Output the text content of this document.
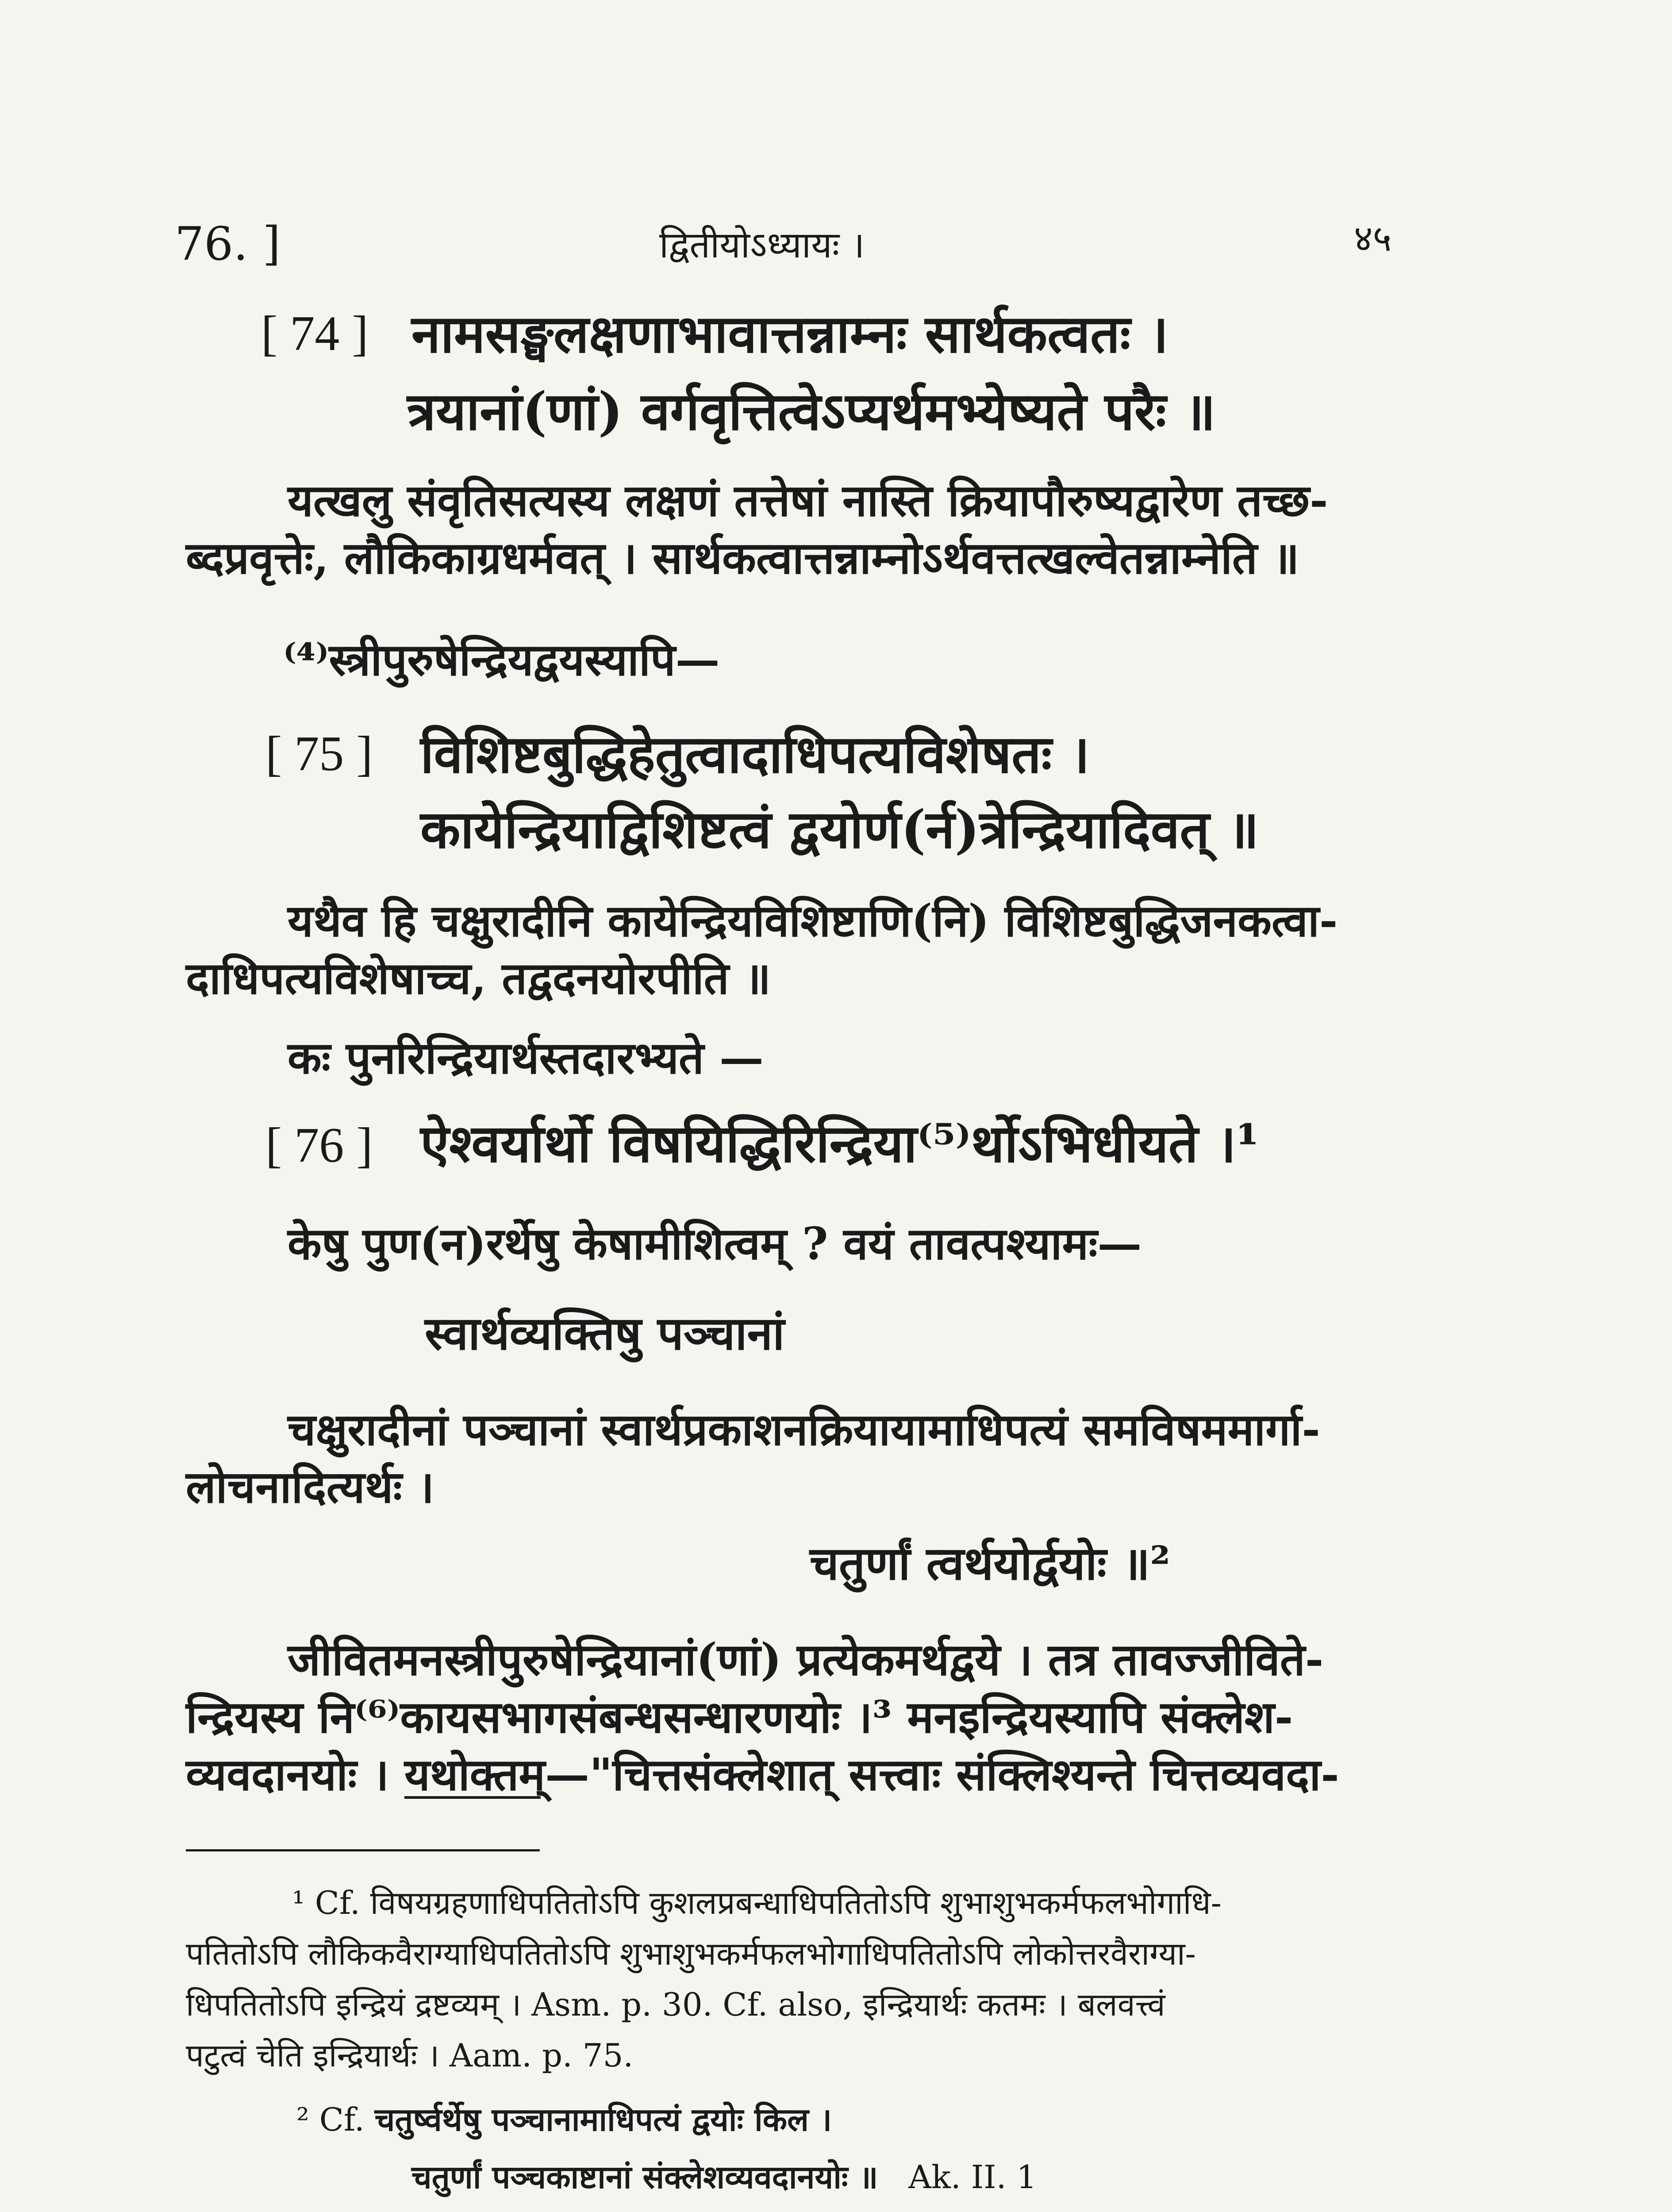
76. ]	द्वितीयोऽध्यायः ।	४५
[ 74 ] नामसङ्घलक्षणाभावात्तन्नाम्नः सार्थकत्वतः ।
त्रयानां(णां) वर्गवृत्तित्वेऽप्यर्थमभ्येष्यते परैः ॥
यत्खलु संवृतिसत्यस्य लक्षणं तत्तेषां नास्ति क्रियापौरुष्यद्वारेण तच्छ-
ब्दप्रवृत्तेः, लौकिकाग्रधर्मवत् । सार्थकत्वात्तन्नाम्नोऽर्थवत्तत्खल्वेतन्नाम्नेति ॥
⁽⁴⁾स्त्रीपुरुषेन्द्रियद्वयस्यापि—
[ 75 ] विशिष्टबुद्धिहेतुत्वादाधिपत्यविशेषतः ।
कायेन्द्रियाद्विशिष्टत्वं द्वयोर्ण(र्न)त्रेन्द्रियादिवत् ॥
यथैव हि चक्षुरादीनि कायेन्द्रियविशिष्टाणि(नि) विशिष्टबुद्धिजनकत्वा-
दाधिपत्यविशेषाच्च, तद्वदनयोरपीति ॥
कः पुनरिन्द्रियार्थस्तदारभ्यते —
[ 76 ] ऐश्वर्यार्थो विषयिद्धिरिन्द्रिया⁽⁵⁾र्थोऽभिधीयते ।¹
केषु पुण(न)रर्थेषु केषामीशित्वम् ? वयं तावत्पश्यामः—
स्वार्थव्यक्तिषु पञ्चानां
चक्षुरादीनां पञ्चानां स्वार्थप्रकाशनक्रियायामाधिपत्यं समविषममार्गा-
लोचनादित्यर्थः ।
चतुर्णां त्वर्थयोर्द्वयोः ॥²
जीवितमनस्त्रीपुरुषेन्द्रियानां(णां) प्रत्येकमर्थद्वये । तत्र तावज्जीविते-
न्द्रियस्य नि⁽⁶⁾कायसभागसंबन्धसन्धारणयोः ।³ मनइन्द्रियस्यापि संक्लेश-
व्यवदानयोः । यथोक्तम्—"चित्तसंक्लेशात् सत्त्वाः संक्लिश्यन्ते चित्तव्यवदा-
¹ Cf. विषयग्रहणाधिपतितोऽपि कुशलप्रबन्धाधिपतितोऽपि शुभाशुभकर्मफलभोगाधि-
पतितोऽपि लौकिकवैराग्याधिपतितोऽपि शुभाशुभकर्मफलभोगाधिपतितोऽपि लोकोत्तरवैराग्या-
धिपतितोऽपि इन्द्रियं द्रष्टव्यम् । Asm. p. 30. Cf. also, इन्द्रियार्थः कतमः । बलवत्त्वं
पटुत्वं चेति इन्द्रियार्थः । Aam. p. 75.
² Cf. चतुर्ष्वर्थेषु पञ्चानामाधिपत्यं द्वयोः किल ।
चतुर्णां पञ्चकाष्टानां संक्लेशव्यवदानयोः ॥ Ak. II. 1
